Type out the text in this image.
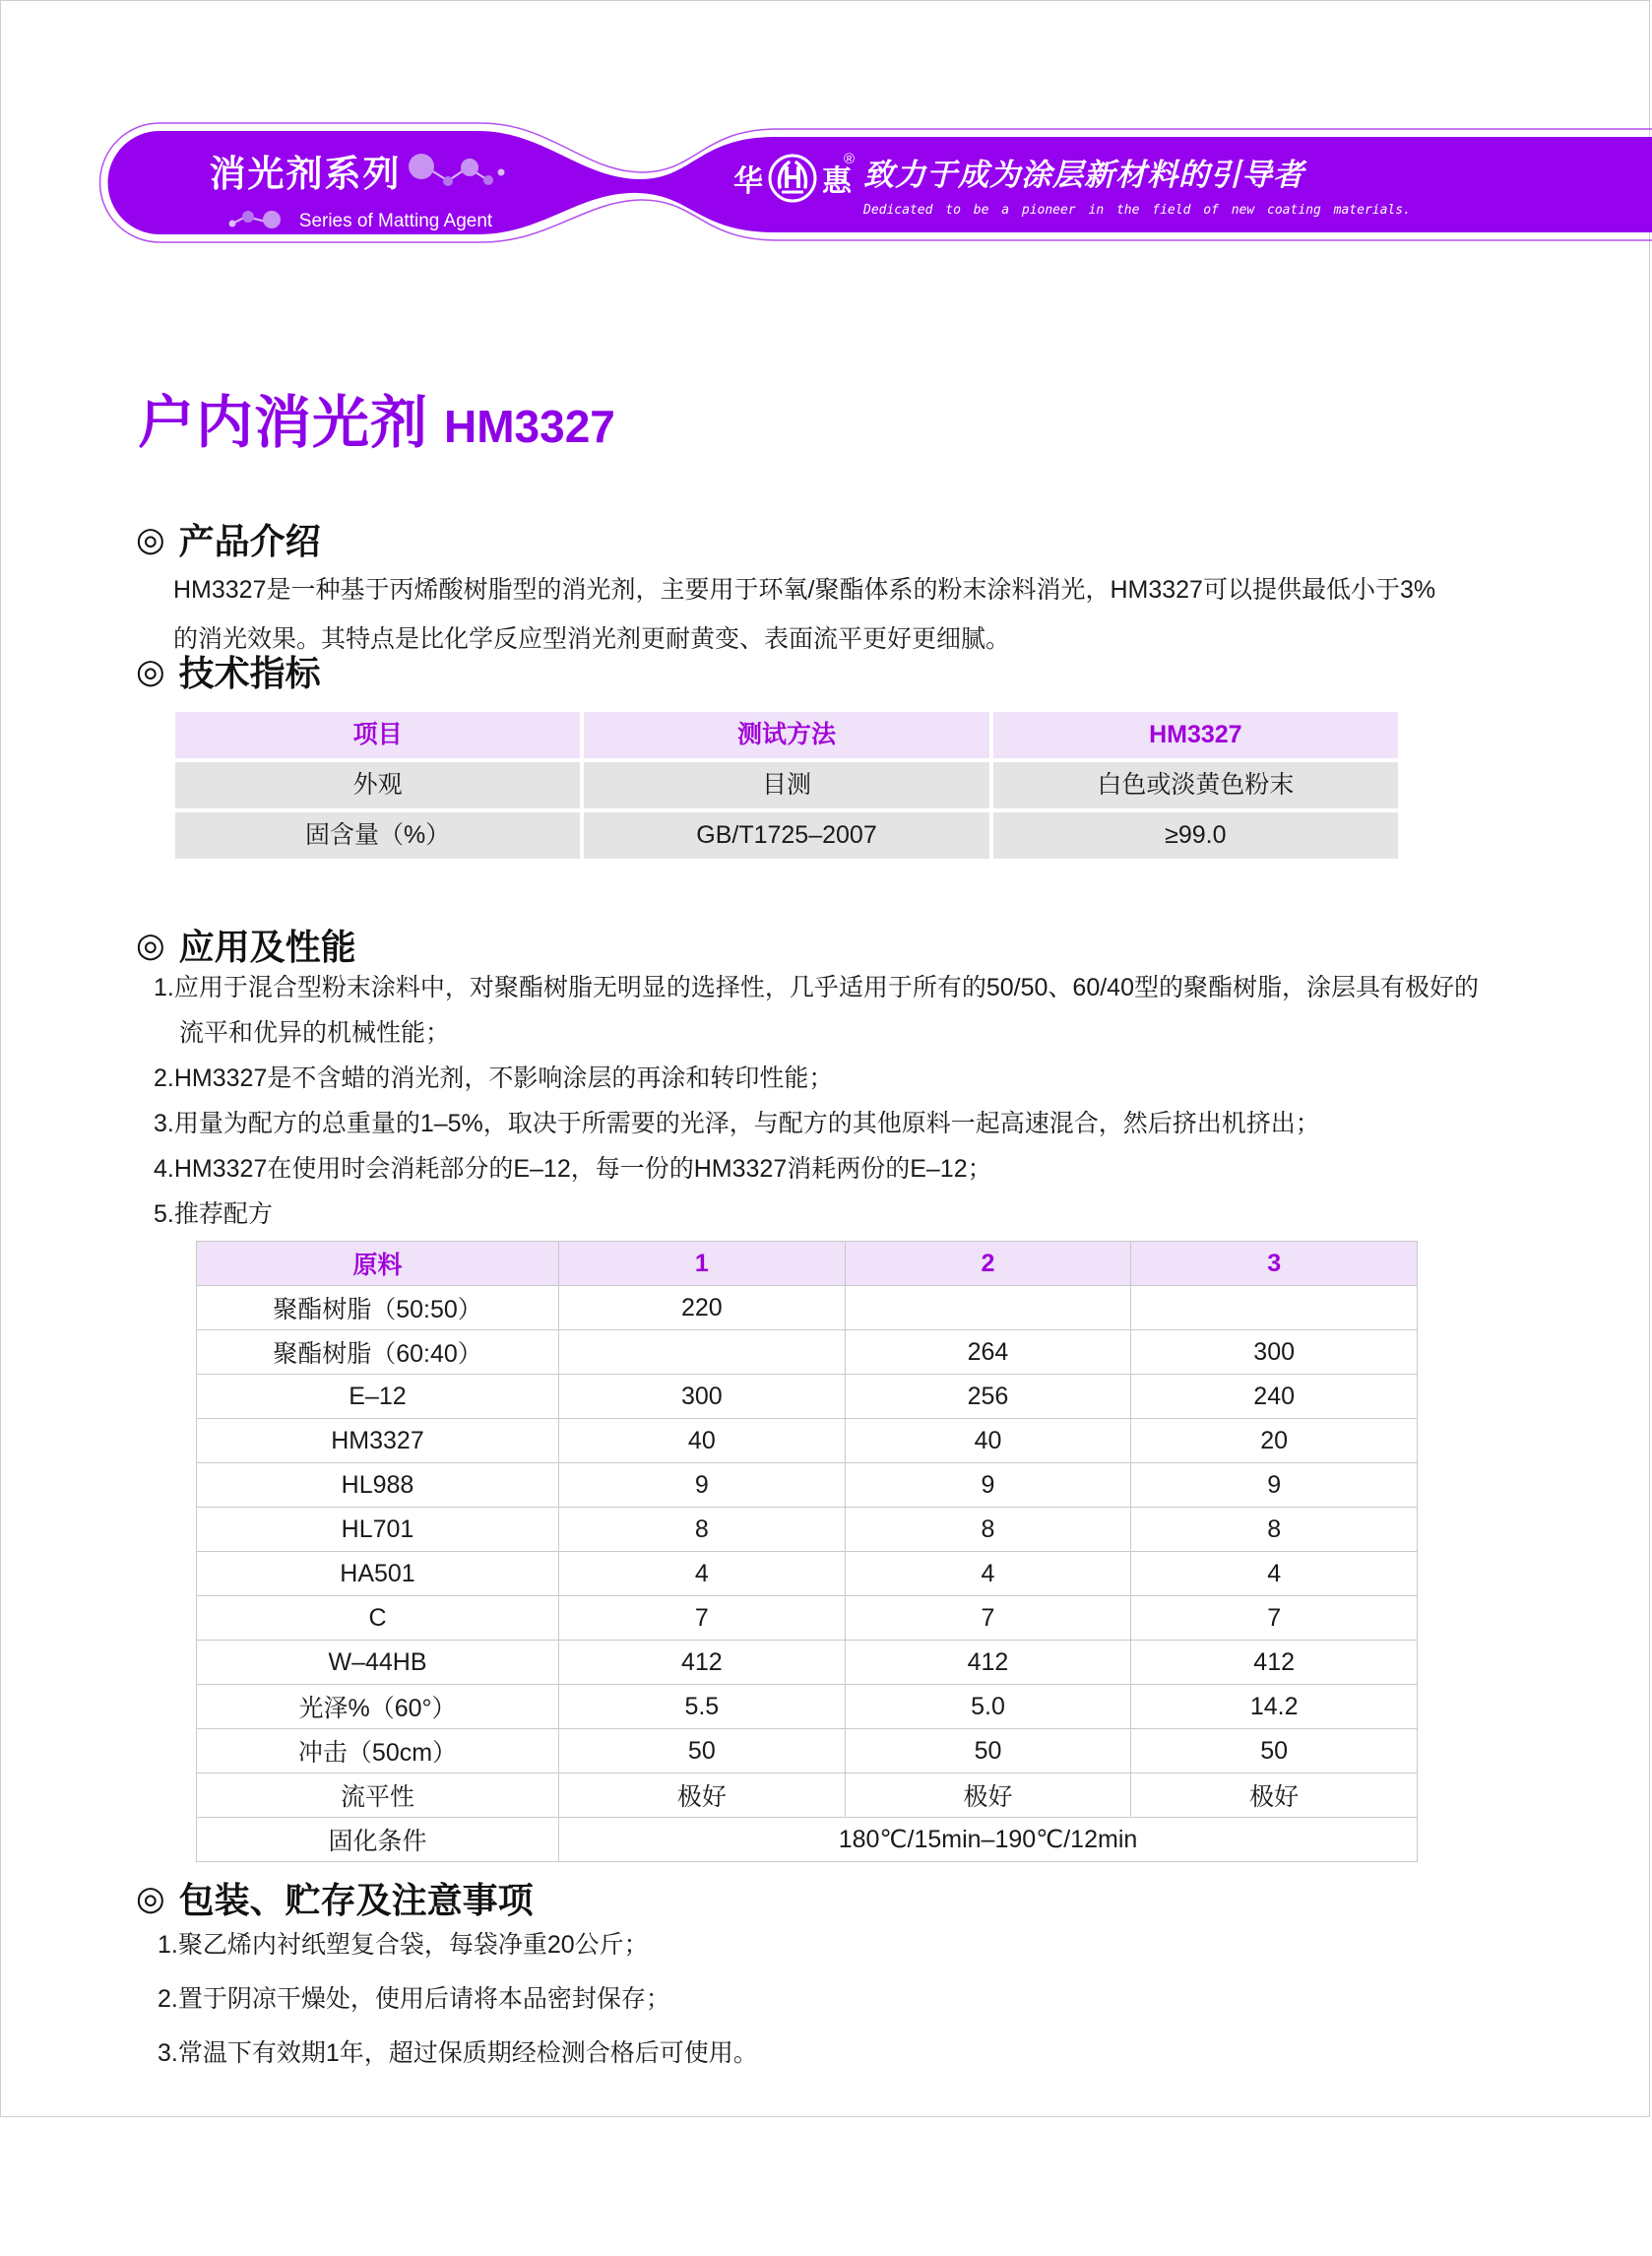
消光剂系列
Series of Matting Agent
华 惠
® 致力于成为涂层新材料的引导者
Dedicated to be a pioneer in the field of new coating materials.
户内消光剂 HM3327
◎ 产品介绍

HM3327是一种基于丙烯酸树脂型的消光剂，主要用于环氧/聚酯体系的粉末涂料消光，HM3327可以提供最低小于3%的消光效果。其特点是比化学反应型消光剂更耐黄变、表面流平更好更细腻。

◎ 技术指标
项目	测试方法	HM3327
外观	目测	白色或淡黄色粉末
固含量（%）	GB/T1725–2007	≥99.0
◎ 应用及性能
1.应用于混合型粉末涂料中，对聚酯树脂无明显的选择性，几乎适用于所有的50/50、60/40型的聚酯树脂，涂层具有极好的流平和优异的机械性能；
2.HM3327是不含蜡的消光剂，不影响涂层的再涂和转印性能；
3.用量为配方的总重量的1–5%，取决于所需要的光泽，与配方的其他原料一起高速混合，然后挤出机挤出；
4.HM3327在使用时会消耗部分的E–12，每一份的HM3327消耗两份的E–12；
5.推荐配方
原料	1	2	3
聚酯树脂（50:50）	220		
聚酯树脂（60:40）		264	300
E–12	300	256	240
HM3327	40	40	20
HL988	9	9	9
HL701	8	8	8
HA501	4	4	4
C	7	7	7
W–44HB	412	412	412
光泽%（60°）	5.5	5.0	14.2
冲击（50cm）	50	50	50
流平性	极好	极好	极好
固化条件	180℃/15min–190℃/12min		
◎ 包装、贮存及注意事项
1.聚乙烯内衬纸塑复合袋，每袋净重20公斤；
2.置于阴凉干燥处，使用后请将本品密封保存；
3.常温下有效期1年，超过保质期经检测合格后可使用。
